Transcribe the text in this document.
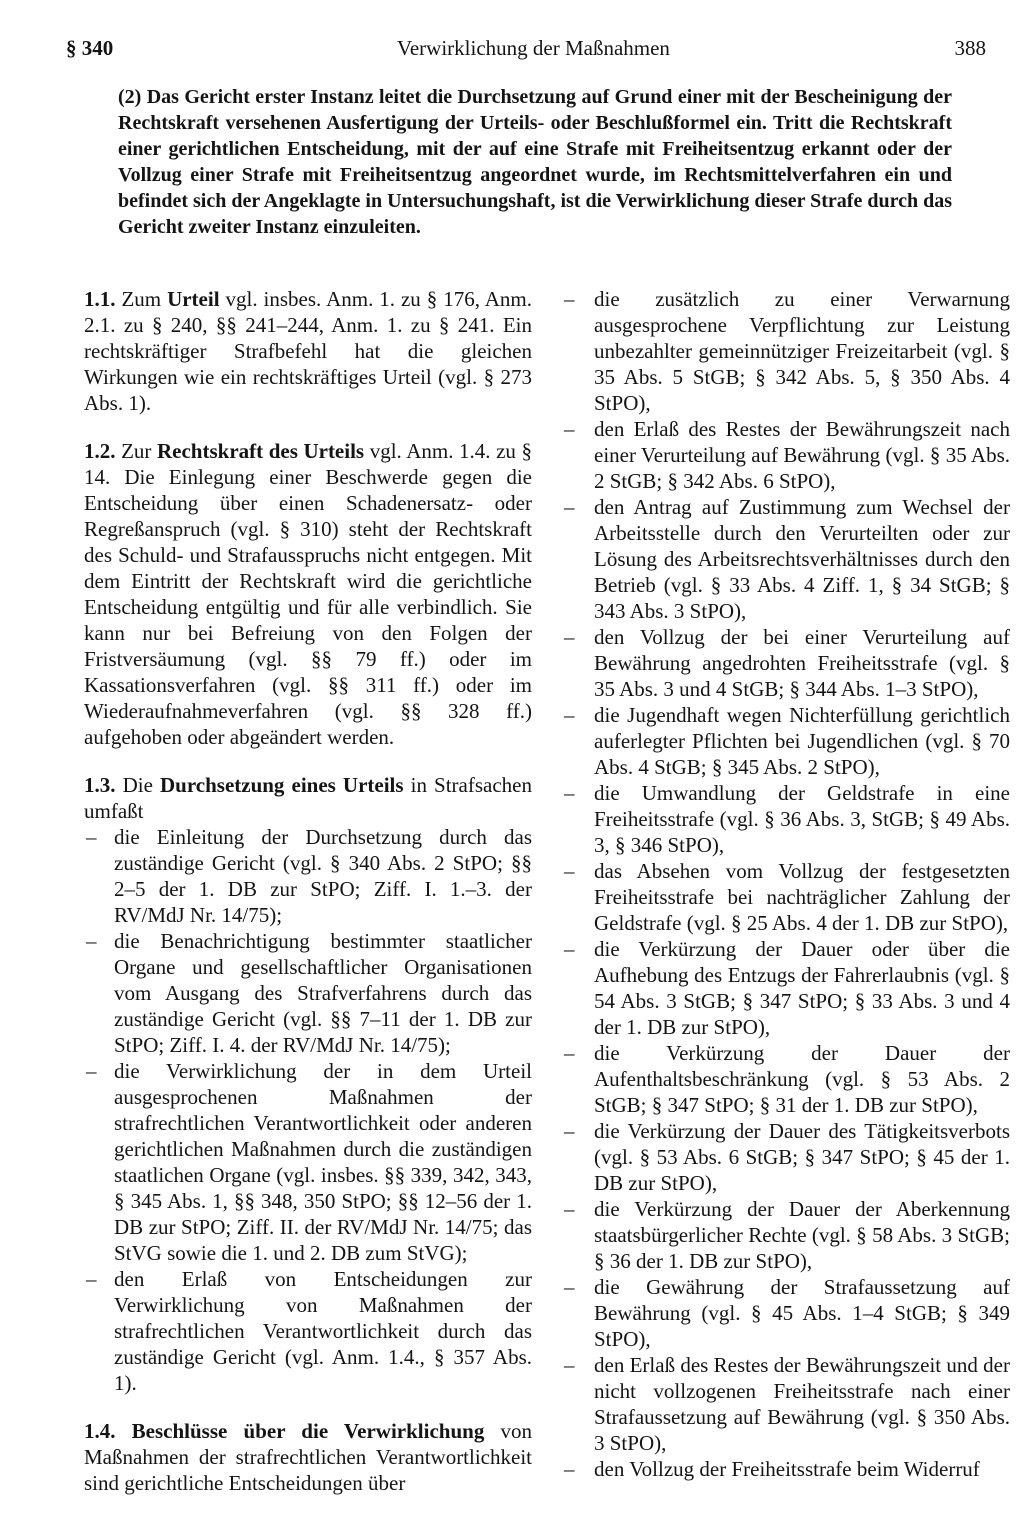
§ 340	Verwirklichung der Maßnahmen	388
(2) Das Gericht erster Instanz leitet die Durchsetzung auf Grund einer mit der Bescheinigung der Rechtskraft versehenen Ausfertigung der Urteils- oder Beschlußformel ein. Tritt die Rechtskraft einer gerichtlichen Entscheidung, mit der auf eine Strafe mit Freiheitsentzug erkannt oder der Vollzug einer Strafe mit Freiheitsentzug angeordnet wurde, im Rechtsmittelverfahren ein und befindet sich der Angeklagte in Untersuchungshaft, ist die Verwirklichung dieser Strafe durch das Gericht zweiter Instanz einzuleiten.
1.1. Zum Urteil vgl. insbes. Anm. 1. zu § 176, Anm. 2.1. zu § 240, §§ 241–244, Anm. 1. zu § 241. Ein rechtskräftiger Strafbefehl hat die gleichen Wirkungen wie ein rechtskräftiges Urteil (vgl. § 273 Abs. 1).
1.2. Zur Rechtskraft des Urteils vgl. Anm. 1.4. zu § 14. Die Einlegung einer Beschwerde gegen die Entscheidung über einen Schadenersatz- oder Regreßanspruch (vgl. § 310) steht der Rechtskraft des Schuld- und Strafausspruchs nicht entgegen. Mit dem Eintritt der Rechtskraft wird die gerichtliche Entscheidung entgültig und für alle verbindlich. Sie kann nur bei Befreiung von den Folgen der Fristversäumung (vgl. §§ 79 ff.) oder im Kassationsverfahren (vgl. §§ 311 ff.) oder im Wiederaufnahmeverfahren (vgl. §§ 328 ff.) aufgehoben oder abgeändert werden.

1.3. Die Durchsetzung eines Urteils in Strafsachen umfaßt

– die Einleitung der Durchsetzung durch das zuständige Gericht (vgl. § 340 Abs. 2 StPO; §§ 2–5 der 1. DB zur StPO; Ziff. I. 1.–3. der RV/MdJ Nr. 14/75);
– die Benachrichtigung bestimmter staatlicher Organe und gesellschaftlicher Organisationen vom Ausgang des Strafverfahrens durch das zuständige Gericht (vgl. §§ 7–11 der 1. DB zur StPO; Ziff. I. 4. der RV/MdJ Nr. 14/75);
– die Verwirklichung der in dem Urteil ausgesprochenen Maßnahmen der strafrechtlichen Verantwortlichkeit oder anderen gerichtlichen Maßnahmen durch die zuständigen staatlichen Organe (vgl. insbes. §§ 339, 342, 343, § 345 Abs. 1, §§ 348, 350 StPO; §§ 12–56 der 1. DB zur StPO; Ziff. II. der RV/MdJ Nr. 14/75; das StVG sowie die 1. und 2. DB zum StVG);
– den Erlaß von Entscheidungen zur Verwirklichung von Maßnahmen der strafrechtlichen Verantwortlichkeit durch das zuständige Gericht (vgl. Anm. 1.4., § 357 Abs. 1).
1.4. Beschlüsse über die Verwirklichung von Maßnahmen der strafrechtlichen Verantwortlichkeit sind gerichtliche Entscheidungen über
– die zusätzlich zu einer Verwarnung ausgesprochene Verpflichtung zur Leistung unbezahlter gemeinnütziger Freizeitarbeit (vgl. § 35 Abs. 5 StGB; § 342 Abs. 5, § 350 Abs. 4 StPO),
– den Erlaß des Restes der Bewährungszeit nach einer Verurteilung auf Bewährung (vgl. § 35 Abs. 2 StGB; § 342 Abs. 6 StPO),
– den Antrag auf Zustimmung zum Wechsel der Arbeitsstelle durch den Verurteilten oder zur Lösung des Arbeitsrechtsverhältnisses durch den Betrieb (vgl. § 33 Abs. 4 Ziff. 1, § 34 StGB; § 343 Abs. 3 StPO),
– den Vollzug der bei einer Verurteilung auf Bewährung angedrohten Freiheitsstrafe (vgl. § 35 Abs. 3 und 4 StGB; § 344 Abs. 1–3 StPO),
– die Jugendhaft wegen Nichterfüllung gerichtlich auferlegter Pflichten bei Jugendlichen (vgl. § 70 Abs. 4 StGB; § 345 Abs. 2 StPO),
– die Umwandlung der Geldstrafe in eine Freiheitsstrafe (vgl. § 36 Abs. 3, StGB; § 49 Abs. 3, § 346 StPO),
– das Absehen vom Vollzug der festgesetzten Freiheitsstrafe bei nachträglicher Zahlung der Geldstrafe (vgl. § 25 Abs. 4 der 1. DB zur StPO),
– die Verkürzung der Dauer oder über die Aufhebung des Entzugs der Fahrerlaubnis (vgl. § 54 Abs. 3 StGB; § 347 StPO; § 33 Abs. 3 und 4 der 1. DB zur StPO),
– die Verkürzung der Dauer der Aufenthaltsbeschränkung (vgl. § 53 Abs. 2 StGB; § 347 StPO; § 31 der 1. DB zur StPO),
– die Verkürzung der Dauer des Tätigkeitsverbots (vgl. § 53 Abs. 6 StGB; § 347 StPO; § 45 der 1. DB zur StPO),
– die Verkürzung der Dauer der Aberkennung staatsbürgerlicher Rechte (vgl. § 58 Abs. 3 StGB; § 36 der 1. DB zur StPO),
– die Gewährung der Strafaussetzung auf Bewährung (vgl. § 45 Abs. 1–4 StGB; § 349 StPO),
– den Erlaß des Restes der Bewährungszeit und der nicht vollzogenen Freiheitsstrafe nach einer Strafaussetzung auf Bewährung (vgl. § 350 Abs. 3 StPO),
– den Vollzug der Freiheitsstrafe beim Widerruf
